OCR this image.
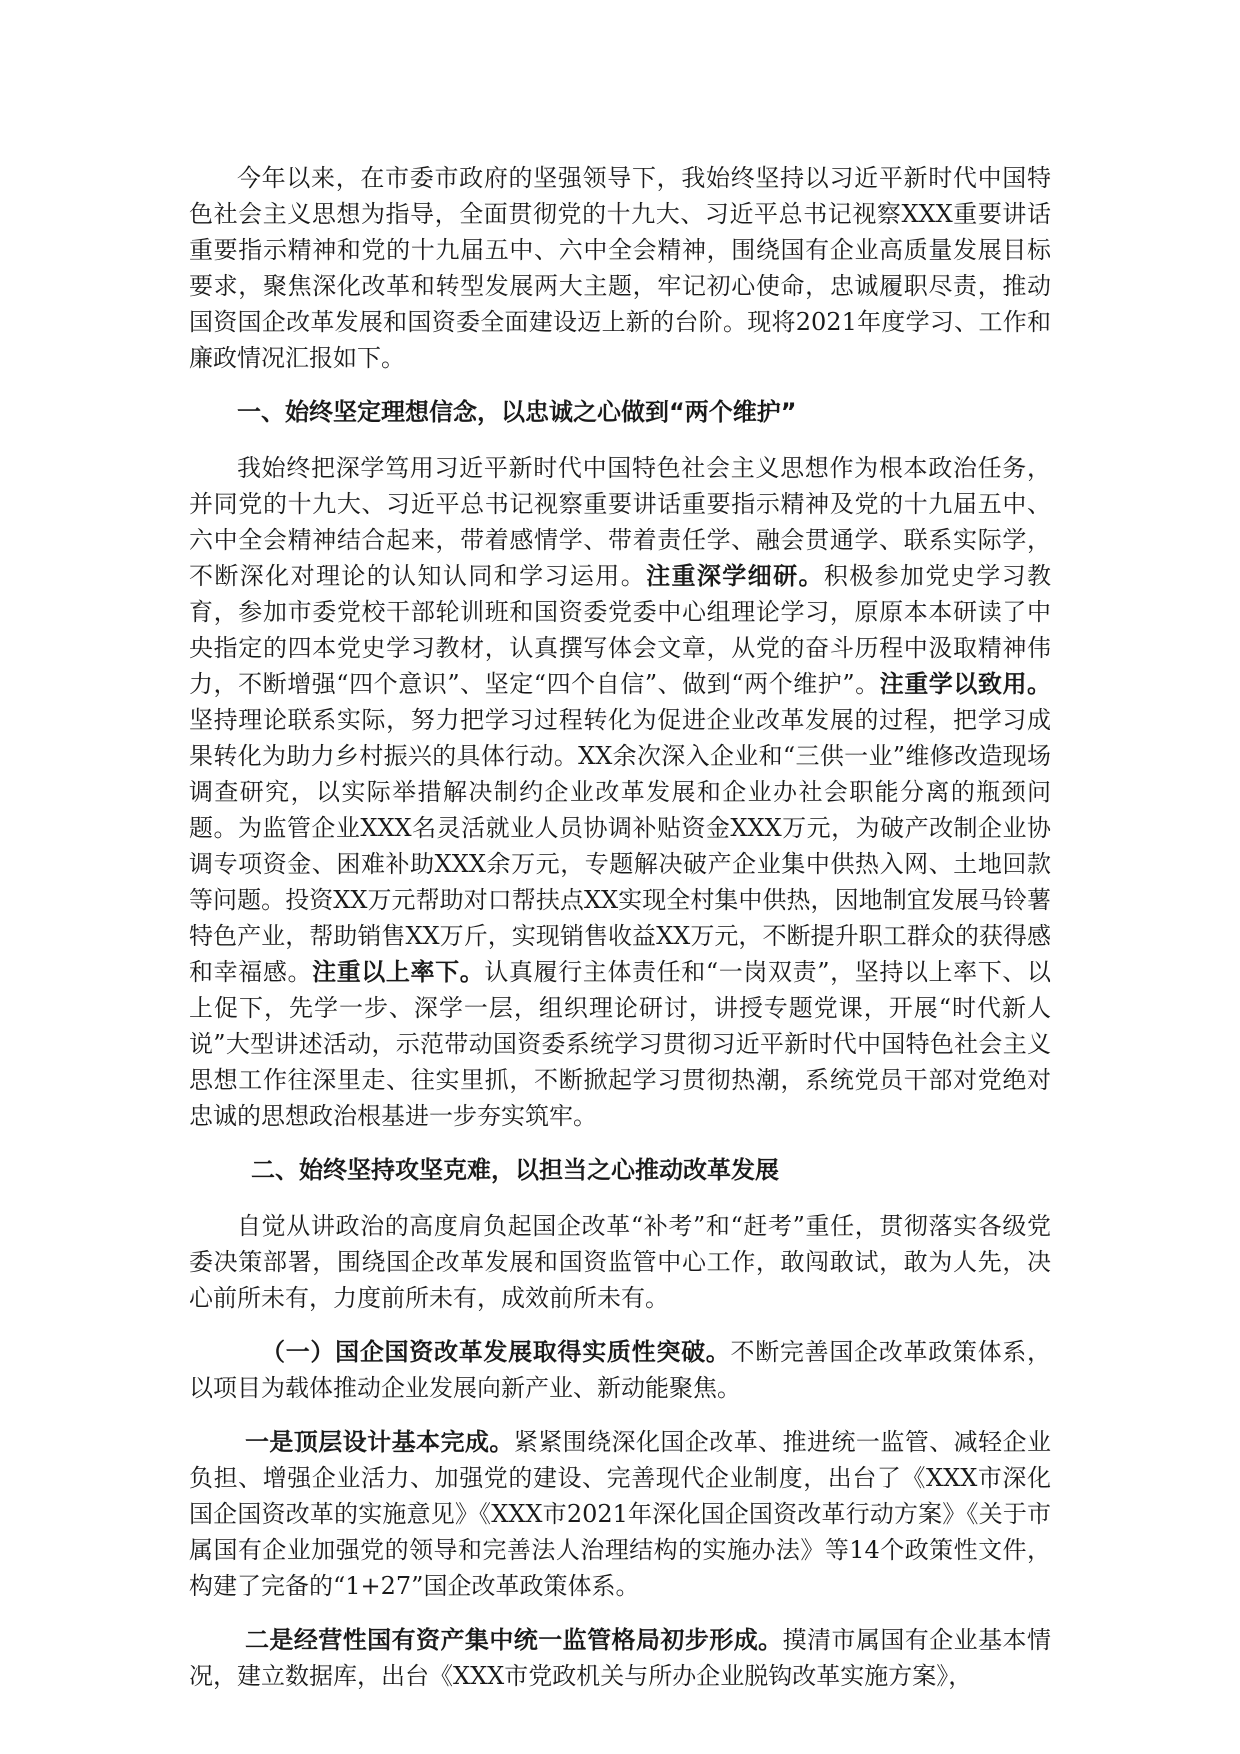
今年以来，在市委市政府的坚强领导下，我始终坚持以习近平新时代中国特色社会主义思想为指导，全面贯彻党的十九大、习近平总书记视察XXX重要讲话重要指示精神和党的十九届五中、六中全会精神，围绕国有企业高质量发展目标要求，聚焦深化改革和转型发展两大主题，牢记初心使命，忠诚履职尽责，推动国资国企改革发展和国资委全面建设迈上新的台阶。现将2021年度学习、工作和廉政情况汇报如下。

一、始终坚定理想信念，以忠诚之心做到“两个维护”

我始终把深学笃用习近平新时代中国特色社会主义思想作为根本政治任务，并同党的十九大、习近平总书记视察重要讲话重要指示精神及党的十九届五中、六中全会精神结合起来，带着感情学、带着责任学、融会贯通学、联系实际学，不断深化对理论的认知认同和学习运用。注重深学细研。积极参加党史学习教育，参加市委党校干部轮训班和国资委党委中心组理论学习，原原本本研读了中央指定的四本党史学习教材，认真撰写体会文章，从党的奋斗历程中汲取精神伟力，不断增强“四个意识”、坚定“四个自信”、做到“两个维护”。注重学以致用。坚持理论联系实际，努力把学习过程转化为促进企业改革发展的过程，把学习成果转化为助力乡村振兴的具体行动。XX余次深入企业和“三供一业”维修改造现场调查研究，以实际举措解决制约企业改革发展和企业办社会职能分离的瓶颈问题。为监管企业XXX名灵活就业人员协调补贴资金XXX万元，为破产改制企业协调专项资金、困难补助XXX余万元，专题解决破产企业集中供热入网、土地回款等问题。投资XX万元帮助对口帮扶点XX实现全村集中供热，因地制宜发展马铃薯特色产业，帮助销售XX万斤，实现销售收益XX万元，不断提升职工群众的获得感和幸福感。注重以上率下。认真履行主体责任和“一岗双责”，坚持以上率下、以上促下，先学一步、深学一层，组织理论研讨，讲授专题党课，开展“时代新人说”大型讲述活动，示范带动国资委系统学习贯彻习近平新时代中国特色社会主义思想工作往深里走、往实里抓，不断掀起学习贯彻热潮，系统党员干部对党绝对忠诚的思想政治根基进一步夯实筑牢。

二、始终坚持攻坚克难，以担当之心推动改革发展

自觉从讲政治的高度肩负起国企改革“补考”和“赶考”重任，贯彻落实各级党委决策部署，围绕国企改革发展和国资监管中心工作，敢闯敢试，敢为人先，决心前所未有，力度前所未有，成效前所未有。

（一）国企国资改革发展取得实质性突破。不断完善国企改革政策体系，以项目为载体推动企业发展向新产业、新动能聚焦。

一是顶层设计基本完成。紧紧围绕深化国企改革、推进统一监管、减轻企业负担、增强企业活力、加强党的建设、完善现代企业制度，出台了《XXX市深化国企国资改革的实施意见》《XXX市2021年深化国企国资改革行动方案》《关于市属国有企业加强党的领导和完善法人治理结构的实施办法》等14个政策性文件，构建了完备的“1+27”国企改革政策体系。

二是经营性国有资产集中统一监管格局初步形成。摸清市属国有企业基本情况，建立数据库，出台《XXX市党政机关与所办企业脱钩改革实施方案》，
